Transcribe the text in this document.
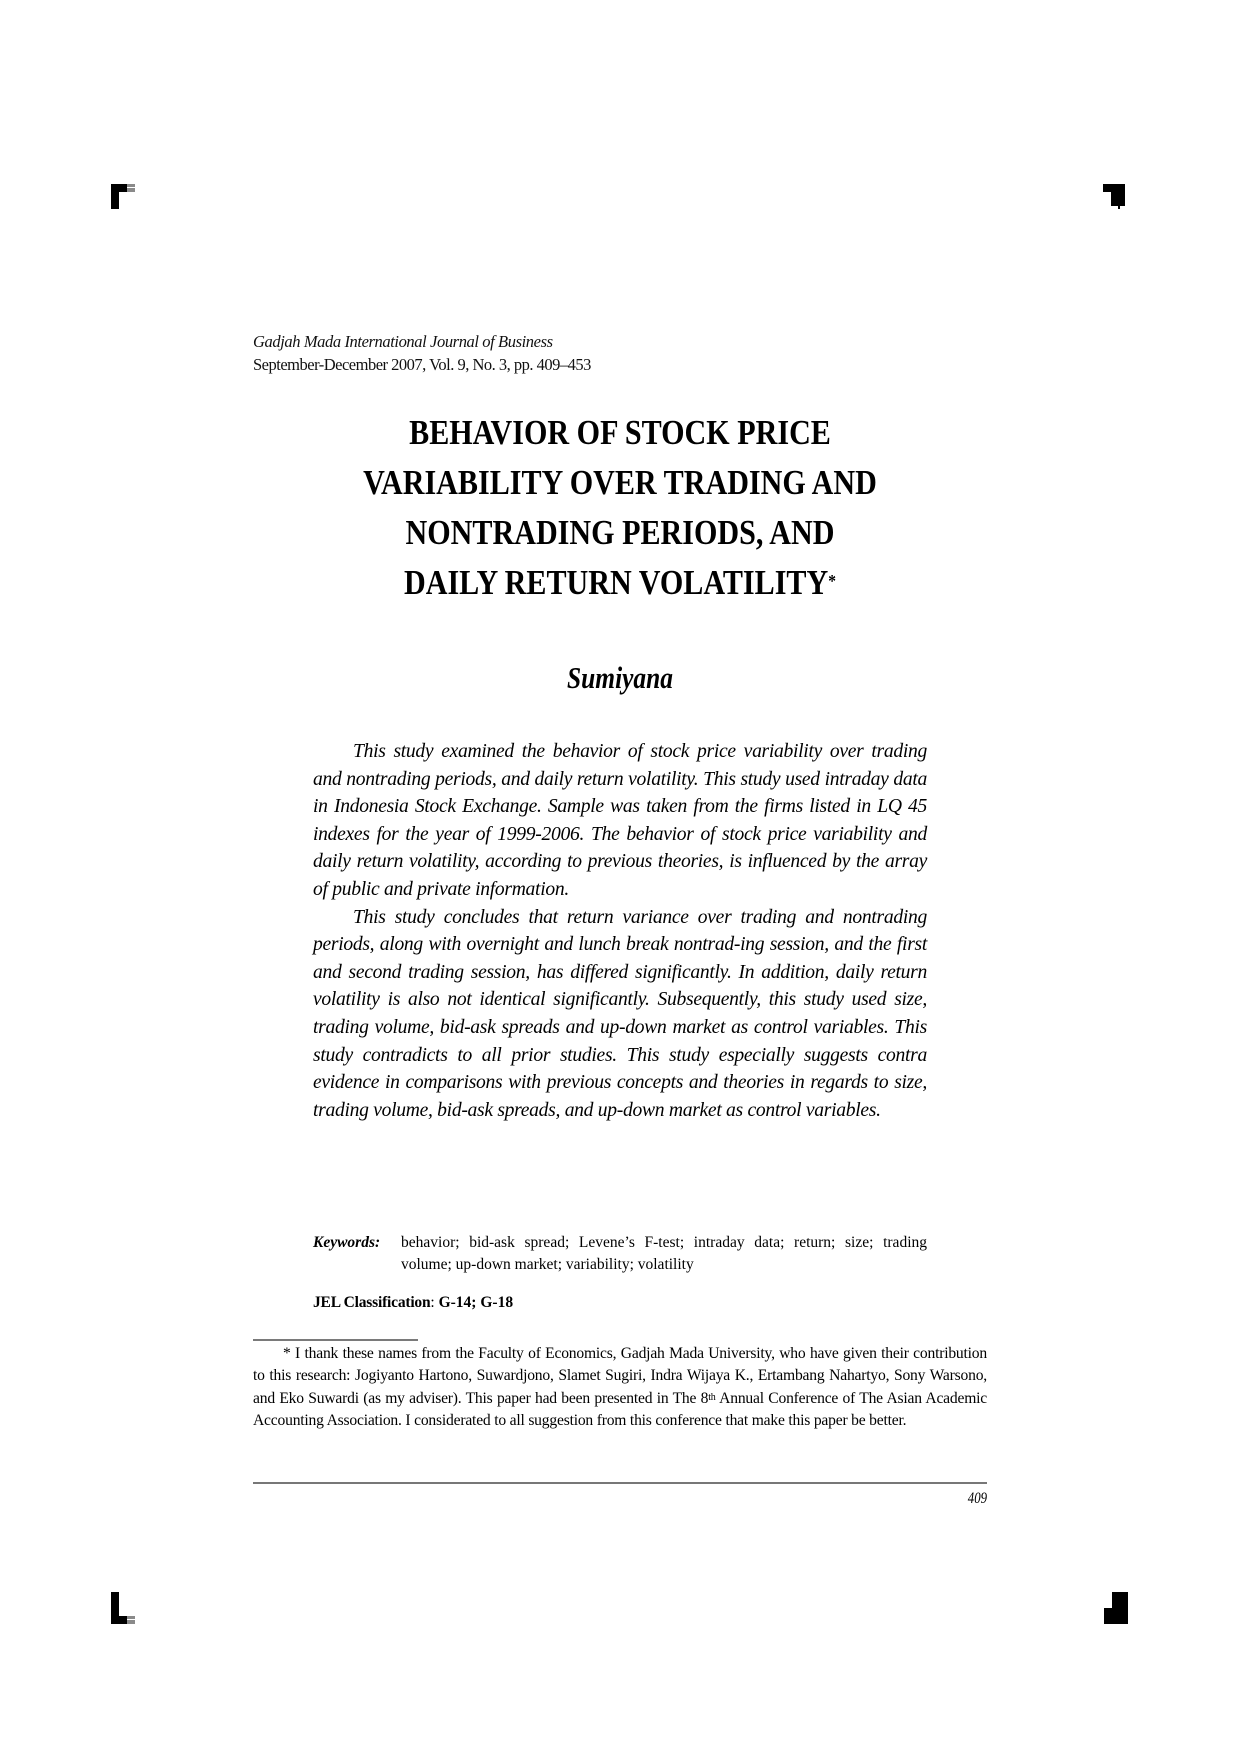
Gadjah Mada International Journal of Business
September-December 2007, Vol. 9, No. 3, pp. 409–453
BEHAVIOR OF STOCK PRICE
VARIABILITY OVER TRADING AND
NONTRADING PERIODS, AND
DAILY RETURN VOLATILITY*
Sumiyana

This study examined the behavior of stock price variability over trading and nontrading periods, and daily return volatility. This study used intraday data in Indonesia Stock Exchange. Sample was taken from the firms listed in LQ 45 indexes for the year of 1999-2006. The behavior of stock price variability and daily return volatility, according to previous theories, is influenced by the array of public and private information.

This study concludes that return variance over trading and nontrading periods, along with overnight and lunch break nontrad-ing session, and the first and second trading session, has differed significantly. In addition, daily return volatility is also not identical significantly. Subsequently, this study used size, trading volume, bid-ask spreads and up-down market as control variables. This study contradicts to all prior studies. This study especially suggests contra evidence in comparisons with previous concepts and theories in regards to size, trading volume, bid-ask spreads, and up-down market as control variables.

Keywords: behavior; bid-ask spread; Levene’s F-test; intraday data; return; size; trading volume; up-down market; variability; volatility
JEL Classification: G-14; G-18

* I thank these names from the Faculty of Economics, Gadjah Mada University, who have given their contribution to this research: Jogiyanto Hartono, Suwardjono, Slamet Sugiri, Indra Wijaya K., Ertambang Nahartyo, Sony Warsono, and Eko Suwardi (as my adviser). This paper had been presented in The 8th Annual Conference of The Asian Academic Accounting Association. I considerated to all suggestion from this conference that make this paper be better.

409
